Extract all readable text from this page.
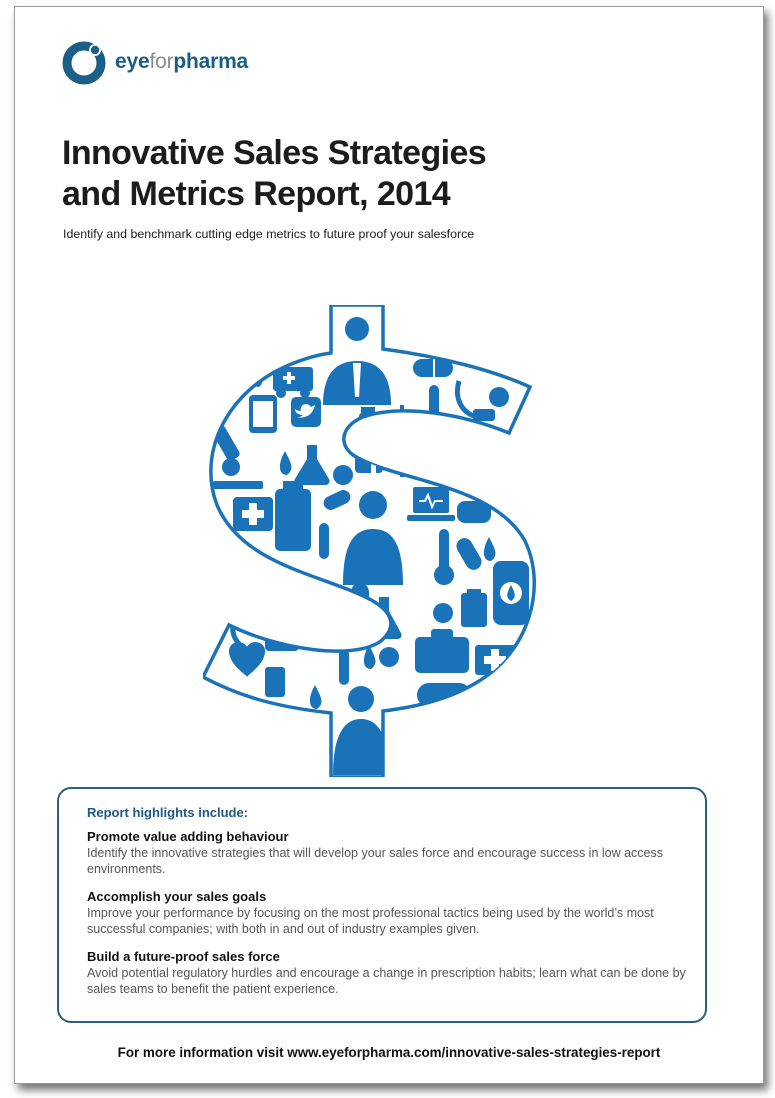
eyeforpharma
Innovative Sales Strategies
and Metrics Report, 2014

Identify and benchmark cutting edge metrics to future proof your salesforce

Report highlights include:

Promote value adding behaviour

Identify the innovative strategies that will develop your sales force and encourage success in low access environments.

Accomplish your sales goals

Improve your performance by focusing on the most professional tactics being used by the world’s most successful companies; with both in and out of industry examples given.

Build a future-proof sales force

Avoid potential regulatory hurdles and encourage a change in prescription habits; learn what can be done by sales teams to benefit the patient experience.

For more information visit www.eyeforpharma.com/innovative-sales-strategies-report
